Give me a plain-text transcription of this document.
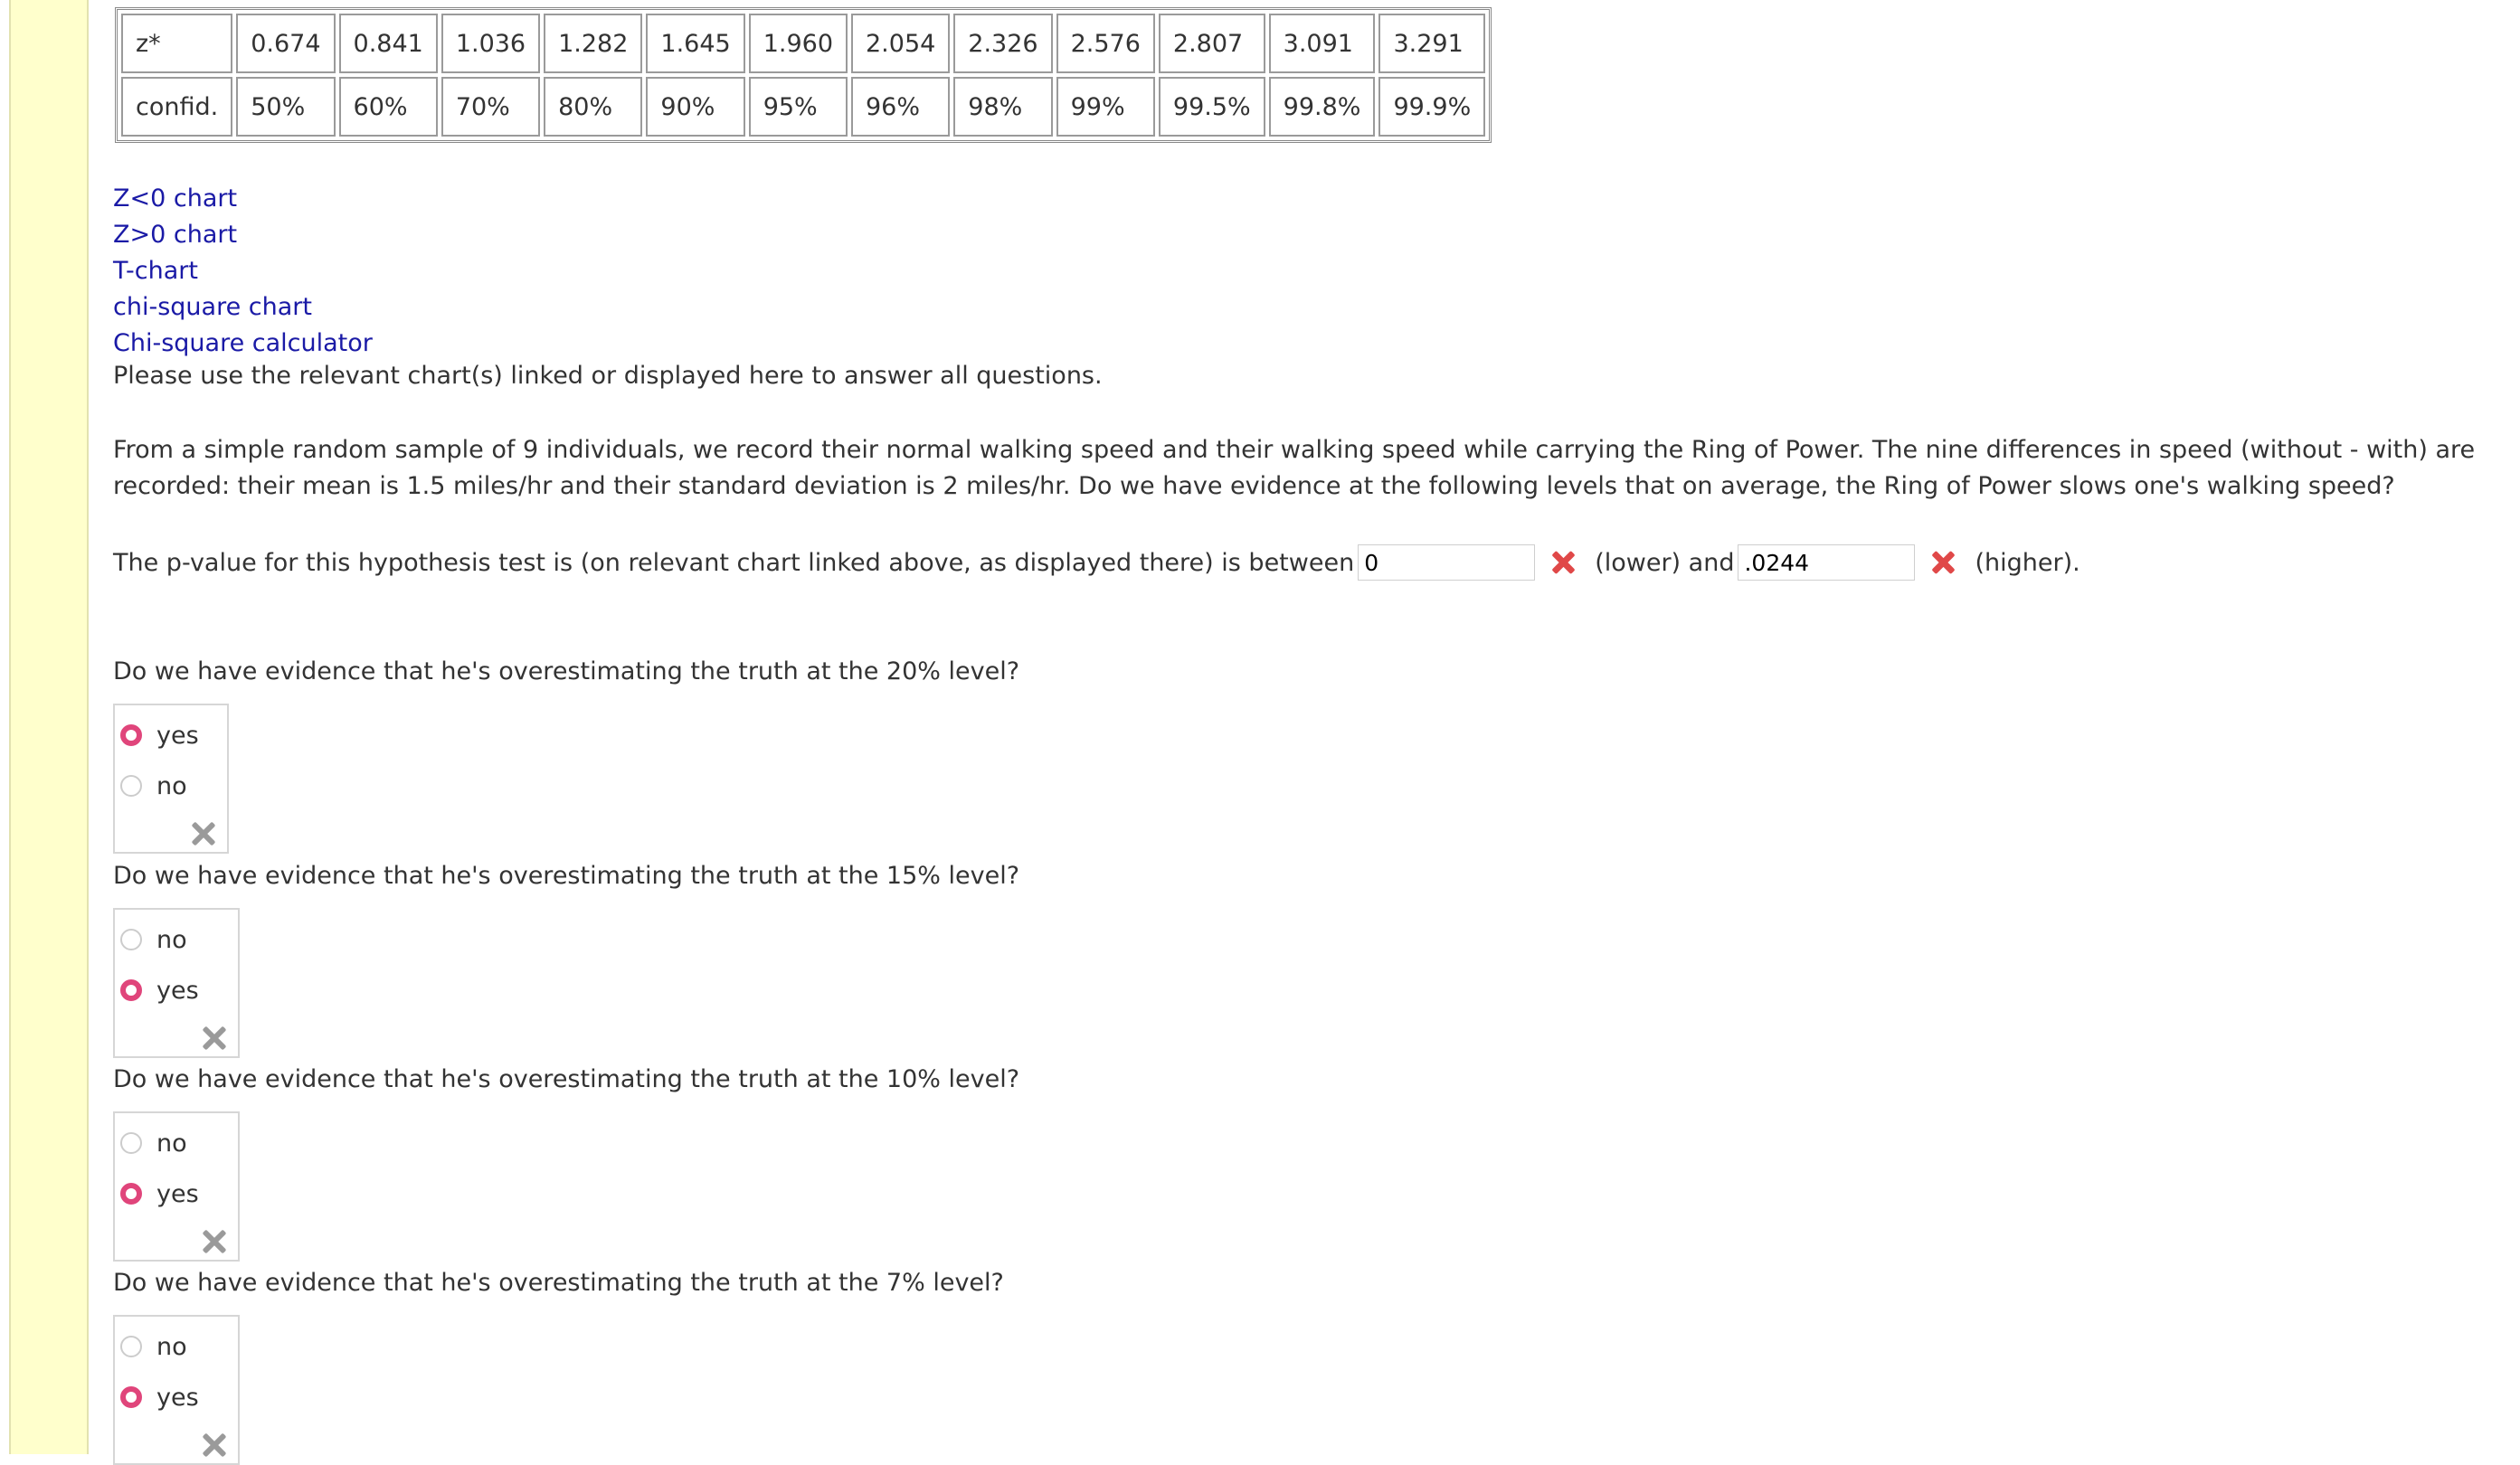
z*	0.674	0.841	1.036	1.282	1.645	1.960	2.054	2.326	2.576	2.807	3.091	3.291
confid.	50%	60%	70%	80%	90%	95%	96%	98%	99%	99.5%	99.8%	99.9%
Z<0 chart
Z>0 chart
T-chart
chi-square chart
Chi-square calculator
Please use the relevant chart(s) linked or displayed here to answer all questions.
From a simple random sample of 9 individuals, we record their normal walking speed and their walking speed while carrying the Ring of Power. The nine differences in speed (without - with) are recorded: their mean is 1.5 miles/hr and their standard deviation is 2 miles/hr. Do we have evidence at the following levels that on average, the Ring of Power slows one's walking speed?
The p-value for this hypothesis test is (on relevant chart linked above, as displayed there) is between 0	(lower) and .0244	(higher).
Do we have evidence that he's overestimating the truth at the 20% level?
yes
no
Do we have evidence that he's overestimating the truth at the 15% level?
no
yes
Do we have evidence that he's overestimating the truth at the 10% level?
no
yes
Do we have evidence that he's overestimating the truth at the 7% level?
no
yes
